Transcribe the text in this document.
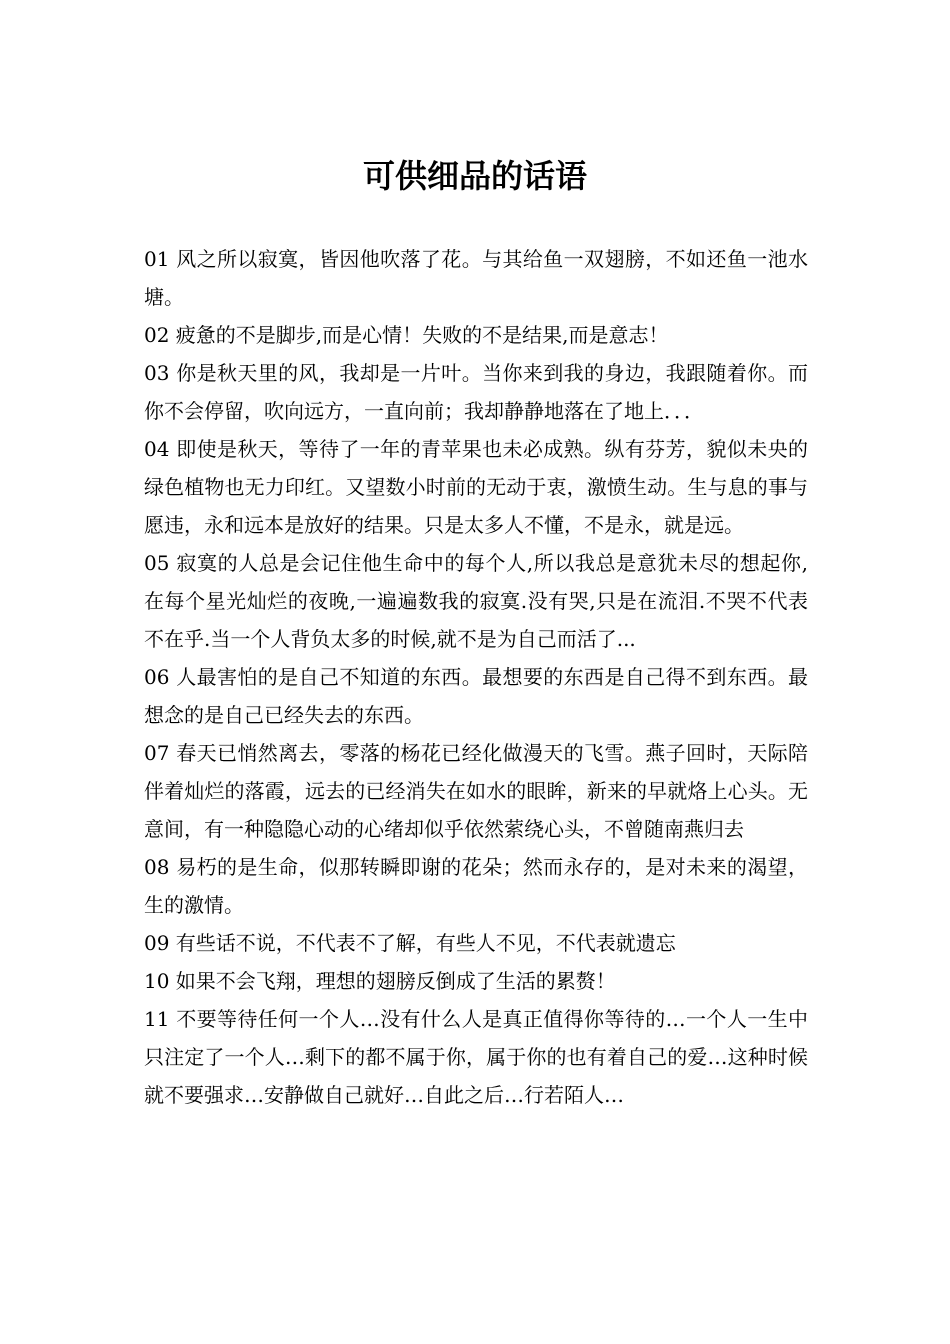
可供细品的话语

01 风之所以寂寞，皆因他吹落了花。与其给鱼一双翅膀，不如还鱼一池水塘。

02 疲惫的不是脚步,而是心情！失败的不是结果,而是意志！

03 你是秋天里的风，我却是一片叶。当你来到我的身边，我跟随着你。而你不会停留，吹向远方，一直向前；我却静静地落在了地上．．．

04 即使是秋天，等待了一年的青苹果也未必成熟。纵有芬芳，貌似未央的绿色植物也无力印红。又望数小时前的无动于衷，激愤生动。生与息的事与愿违，永和远本是放好的结果。只是太多人不懂，不是永，就是远。

05 寂寞的人总是会记住他生命中的每个人,所以我总是意犹未尽的想起你,在每个星光灿烂的夜晚,一遍遍数我的寂寞.没有哭,只是在流泪.不哭不代表不在乎.当一个人背负太多的时候,就不是为自己而活了...

06 人最害怕的是自己不知道的东西。最想要的东西是自己得不到东西。最想念的是自己已经失去的东西。

07 春天已悄然离去，零落的杨花已经化做漫天的飞雪。燕子回时，天际陪伴着灿烂的落霞，远去的已经消失在如水的眼眸，新来的早就烙上心头。无意间，有一种隐隐心动的心绪却似乎依然萦绕心头，不曾随南燕归去

08 易朽的是生命，似那转瞬即谢的花朵；然而永存的，是对未来的渴望，生的激情。

09 有些话不说，不代表不了解，有些人不见，不代表就遗忘

10 如果不会飞翔，理想的翅膀反倒成了生活的累赘！

11 不要等待任何一个人…没有什么人是真正值得你等待的…一个人一生中只注定了一个人…剩下的都不属于你，属于你的也有着自己的爱…这种时候就不要强求…安静做自己就好…自此之后…行若陌人…
